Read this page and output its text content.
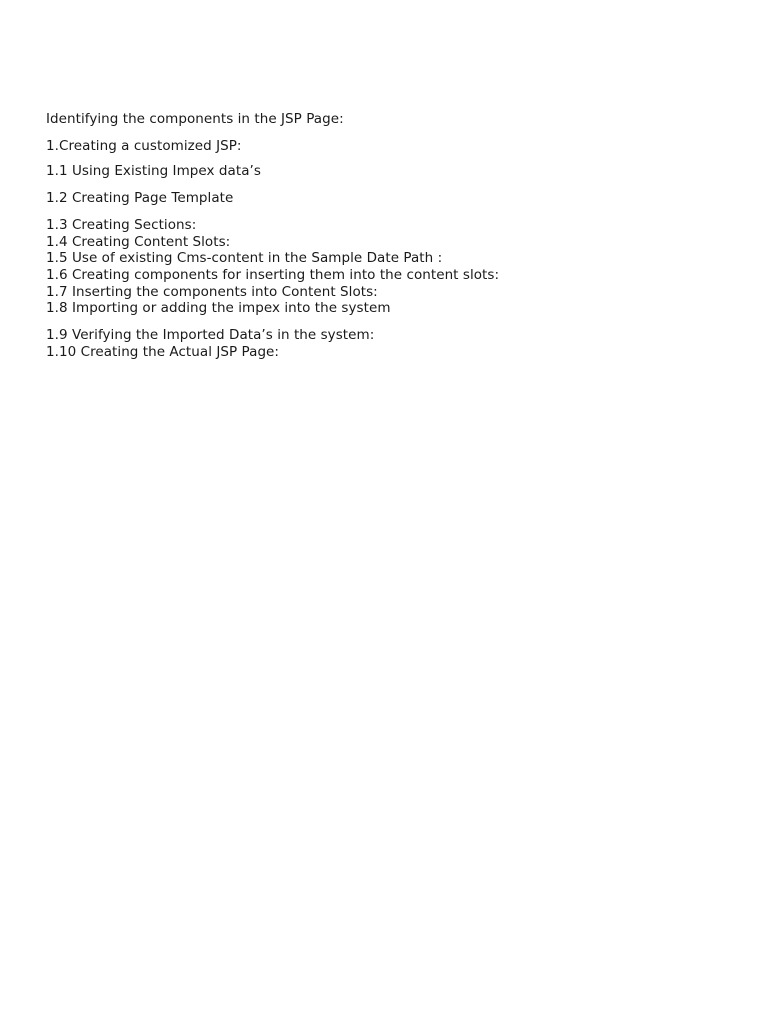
Identifying the components in the JSP Page:
1.Creating a customized JSP:
1.1 Using Existing Impex data’s
1.2 Creating Page Template
1.3 Creating Sections:
1.4 Creating Content Slots:
1.5 Use of existing Cms-content in the Sample Date Path :
1.6 Creating components for inserting them into the content slots:
1.7 Inserting the components into Content Slots:
1.8 Importing or adding the impex into the system
1.9 Verifying the Imported Data’s in the system:
1.10 Creating the Actual JSP Page:
